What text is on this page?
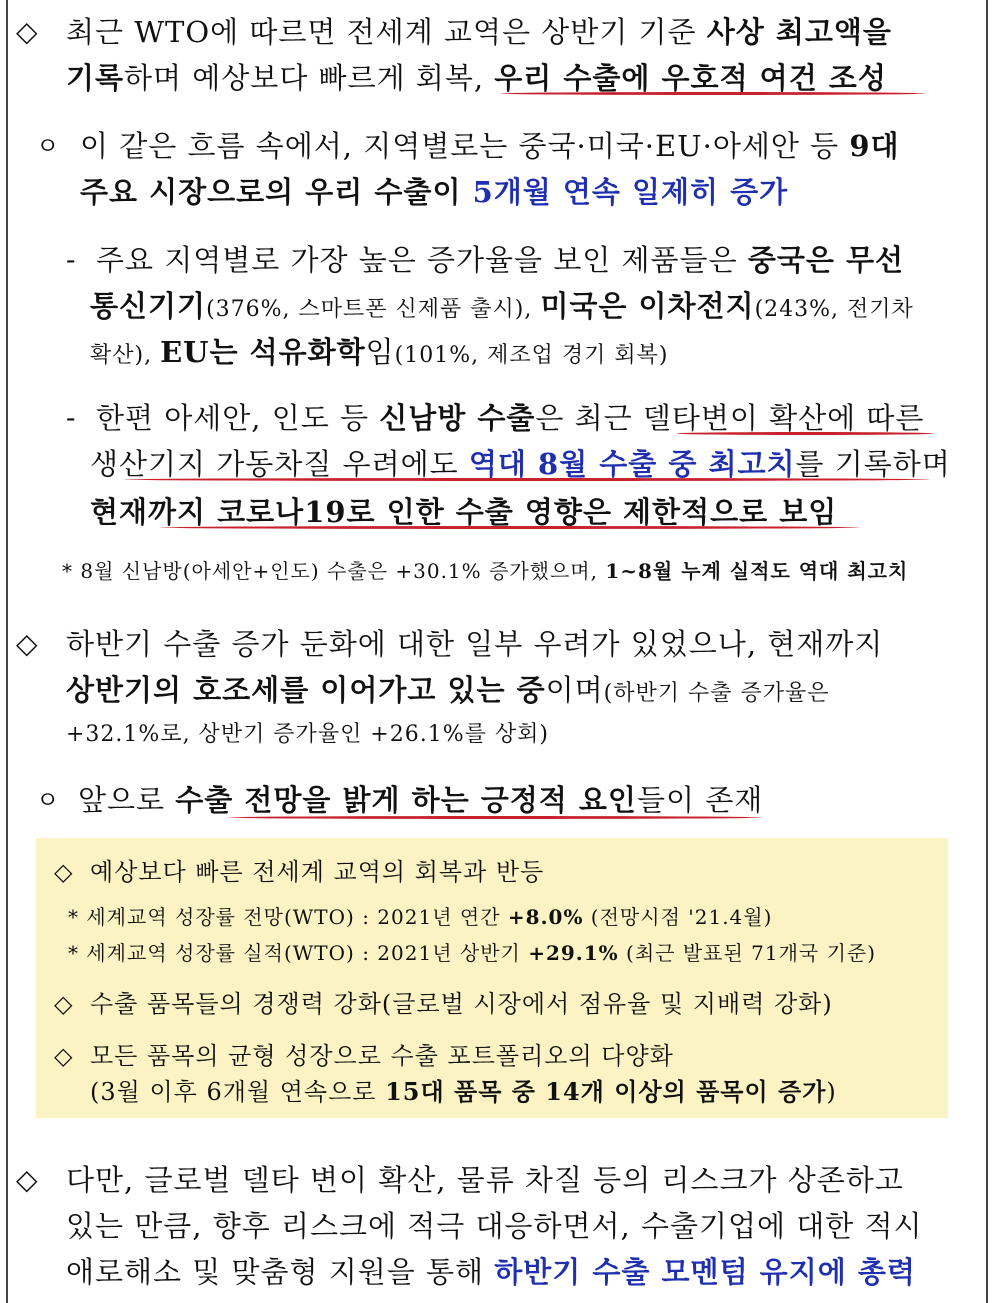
◇ 최근 WTO에 따르면 전세계 교역은 상반기 기준 사상 최고액을
기록하며 예상보다 빠르게 회복, 우리 수출에 우호적 여건 조성
ㅇ 이 같은 흐름 속에서, 지역별로는 중국·미국·EU·아세안 등 9대
주요 시장으로의 우리 수출이 5개월 연속 일제히 증가
- 주요 지역별로 가장 높은 증가율을 보인 제품들은 중국은 무선
통신기기(376%, 스마트폰 신제품 출시), 미국은 이차전지(243%, 전기차
확산), EU는 석유화학임(101%, 제조업 경기 회복)
- 한편 아세안, 인도 등 신남방 수출은 최근 델타변이 확산에 따른
생산기지 가동차질 우려에도 역대 8월 수출 중 최고치를 기록하며
현재까지 코로나19로 인한 수출 영향은 제한적으로 보임
* 8월 신남방(아세안+인도) 수출은 +30.1% 증가했으며, 1~8월 누계 실적도 역대 최고치
◇ 하반기 수출 증가 둔화에 대한 일부 우려가 있었으나, 현재까지
상반기의 호조세를 이어가고 있는 중이며(하반기 수출 증가율은
+32.1%로, 상반기 증가율인 +26.1%를 상회)
ㅇ 앞으로 수출 전망을 밝게 하는 긍정적 요인들이 존재
◇ 예상보다 빠른 전세계 교역의 회복과 반등
* 세계교역 성장률 전망(WTO) : 2021년 연간 +8.0% (전망시점 '21.4월)
* 세계교역 성장률 실적(WTO) : 2021년 상반기 +29.1% (최근 발표된 71개국 기준)
◇ 수출 품목들의 경쟁력 강화(글로벌 시장에서 점유율 및 지배력 강화)
◇ 모든 품목의 균형 성장으로 수출 포트폴리오의 다양화
(3월 이후 6개월 연속으로 15대 품목 중 14개 이상의 품목이 증가)
◇ 다만, 글로벌 델타 변이 확산, 물류 차질 등의 리스크가 상존하고
있는 만큼, 향후 리스크에 적극 대응하면서, 수출기업에 대한 적시
애로해소 및 맞춤형 지원을 통해 하반기 수출 모멘텀 유지에 총력
